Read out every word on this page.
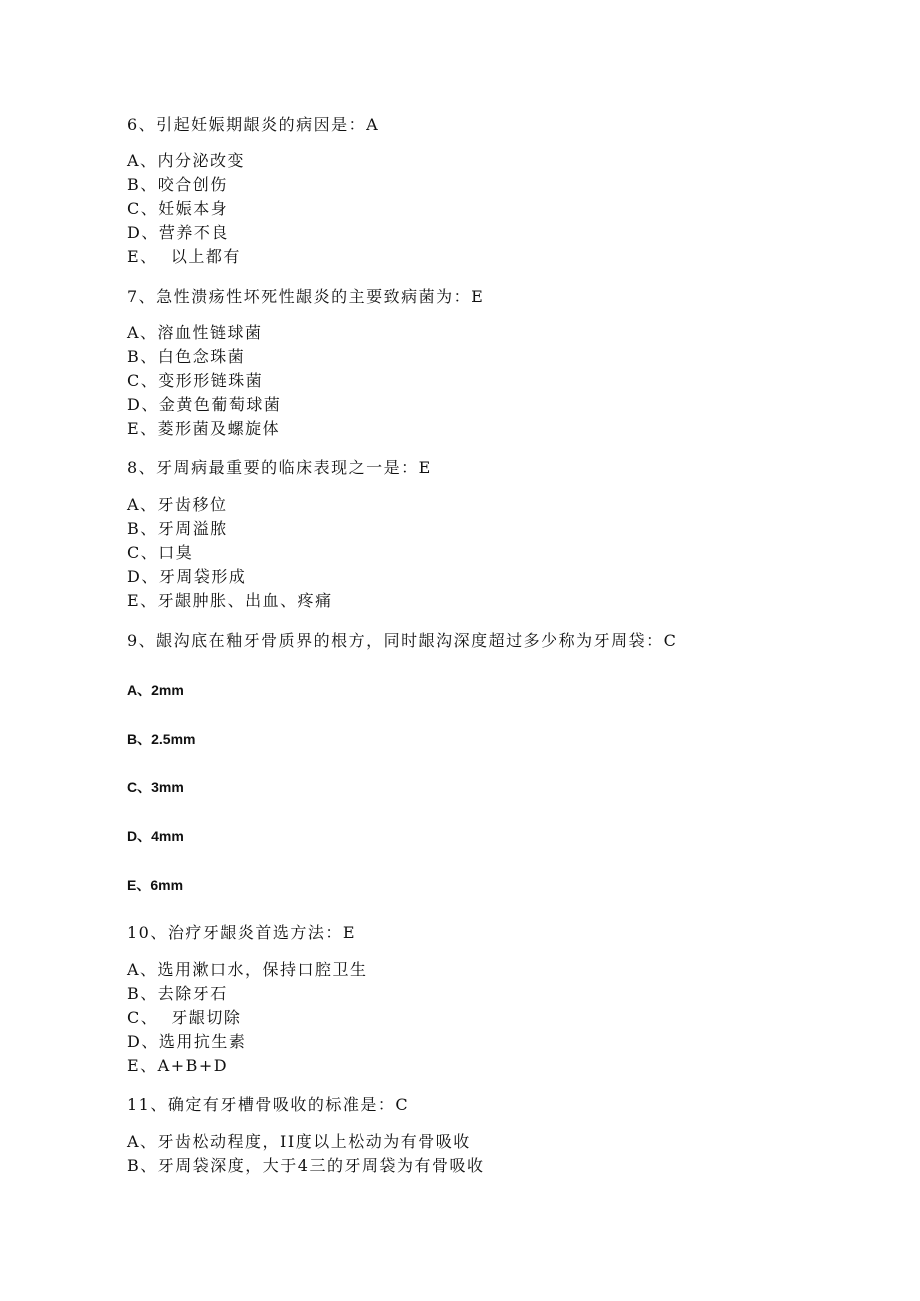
6、引起妊娠期龈炎的病因是：A
A、内分泌改变
B、咬合创伤
C、妊娠本身
D、营养不良
E、  以上都有
7、急性溃疡性坏死性龈炎的主要致病菌为：E
A、溶血性链球菌
B、白色念珠菌
C、变形形链珠菌
D、金黄色葡萄球菌
E、菱形菌及螺旋体
8、牙周病最重要的临床表现之一是：E
A、牙齿移位
B、牙周溢脓
C、口臭
D、牙周袋形成
E、牙龈肿胀、出血、疼痛
9、龈沟底在釉牙骨质界的根方，同时龈沟深度超过多少称为牙周袋：C
A、2mm
B、2.5mm
C、3mm
D、4mm
E、6mm
10、治疗牙龈炎首选方法：E
A、选用漱口水，保持口腔卫生
B、去除牙石
C、  牙龈切除
D、选用抗生素
E、A+B+D
11、确定有牙槽骨吸收的标准是：C
A、牙齿松动程度，II度以上松动为有骨吸收
B、牙周袋深度，大于4三的牙周袋为有骨吸收
